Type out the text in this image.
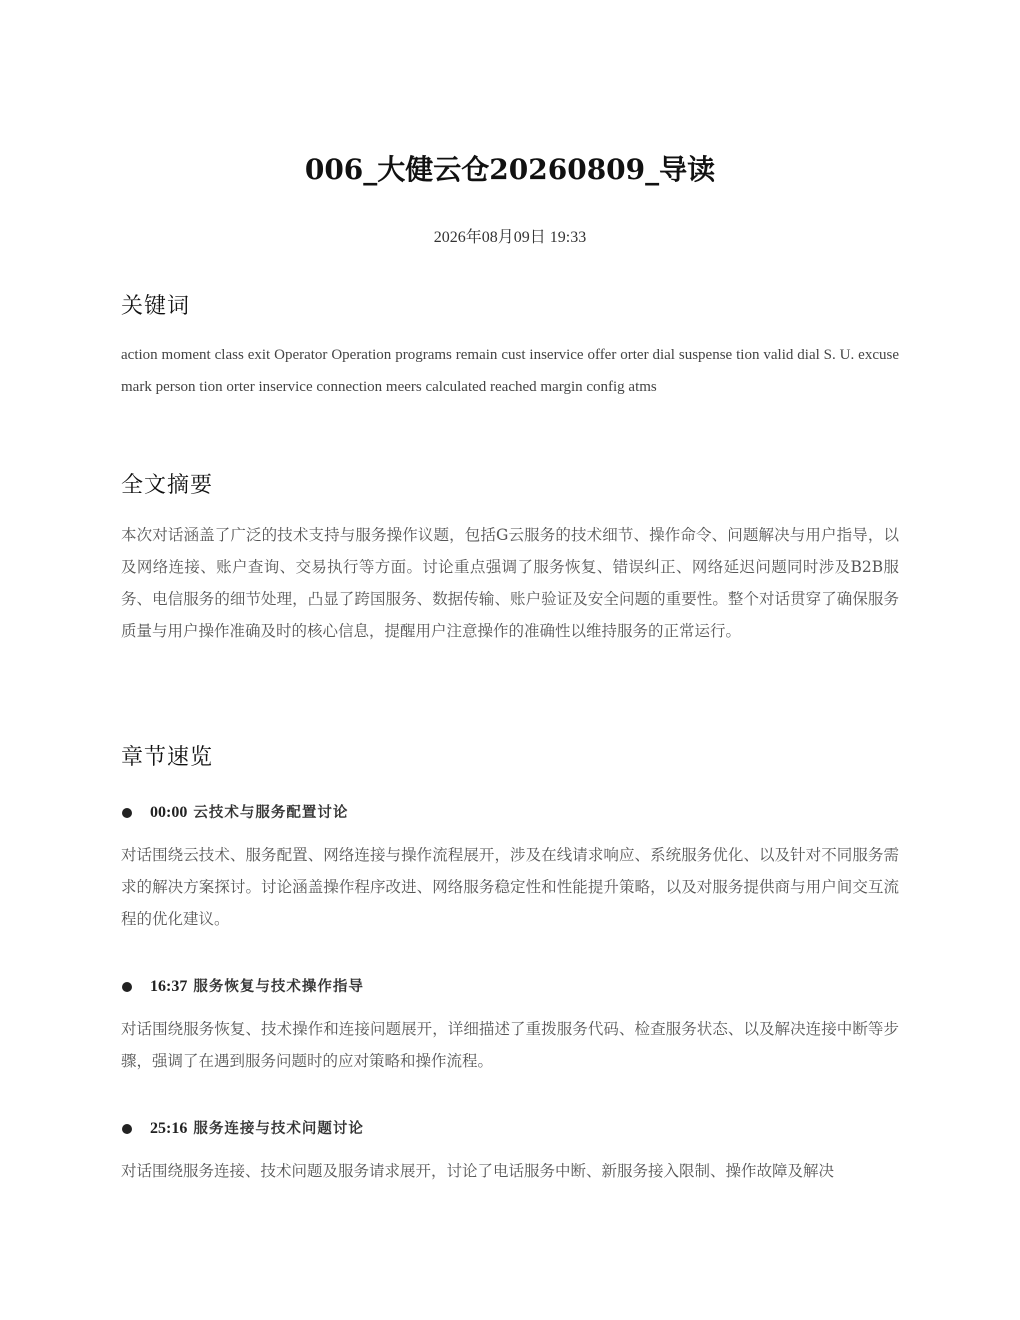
006_大健云仓20260809_导读
2026年08月09日 19:33
关键词
action moment class exit Operator Operation programs remain cust inservice offer orter dial suspense tion valid dial S. U. excuse mark person tion orter inservice connection meers calculated reached margin config atms
全文摘要
本次对话涵盖了广泛的技术支持与服务操作议题，包括G云服务的技术细节、操作命令、问题解决与用户指导，以及网络连接、账户查询、交易执行等方面。讨论重点强调了服务恢复、错误纠正、网络延迟问题同时涉及B2B服务、电信服务的细节处理，凸显了跨国服务、数据传输、账户验证及安全问题的重要性。整个对话贯穿了确保服务质量与用户操作准确及时的核心信息，提醒用户注意操作的准确性以维持服务的正常运行。
章节速览
00:00 云技术与服务配置讨论
对话围绕云技术、服务配置、网络连接与操作流程展开，涉及在线请求响应、系统服务优化、以及针对不同服务需求的解决方案探讨。讨论涵盖操作程序改进、网络服务稳定性和性能提升策略，以及对服务提供商与用户间交互流程的优化建议。
16:37 服务恢复与技术操作指导
对话围绕服务恢复、技术操作和连接问题展开，详细描述了重拨服务代码、检查服务状态、以及解决连接中断等步骤，强调了在遇到服务问题时的应对策略和操作流程。
25:16 服务连接与技术问题讨论
对话围绕服务连接、技术问题及服务请求展开，讨论了电话服务中断、新服务接入限制、操作故障及解决
